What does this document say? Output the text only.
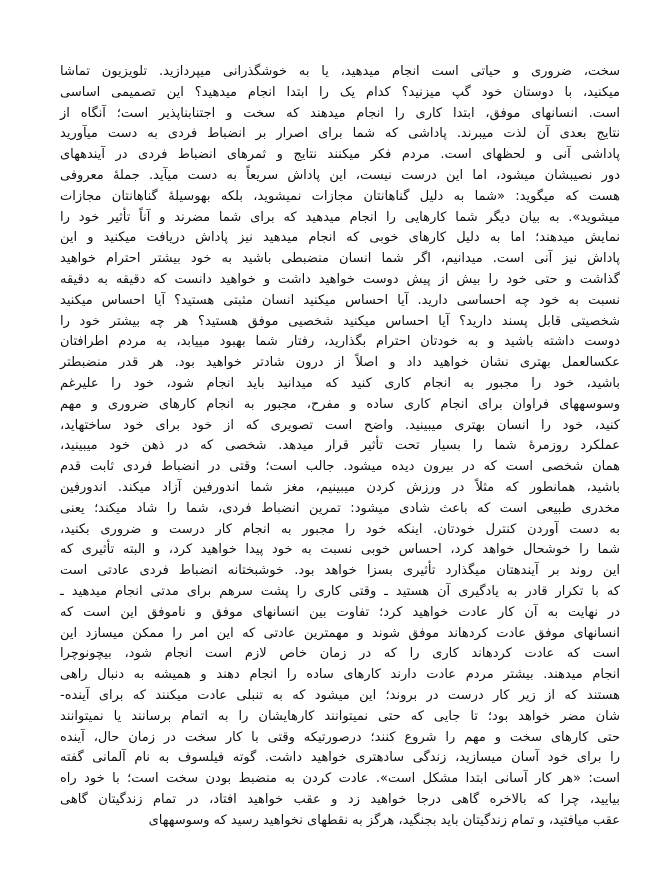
سخت، ضروری و حیاتی است انجام میدهید، یا به خوشگذرانی میپردازید. تلویزیون تماشا
میکنید، با دوستان خود گپ میزنید؟ کدام یک را ابتدا انجام میدهید؟ این تصمیمی اساسی
است. انسانهای موفق، ابتدا کاری را انجام میدهند که سخت و اجتنابناپذیر است؛ آنگاه از
نتایج بعدی آن لذت میبرند. پاداشی که شما برای اصرار بر انضباط فردی به دست میآورید
پاداشی آنی و لحظهای است. مردم فکر میکنند نتایج و ثمرهای انضباط فردی در آیندههای
دور نصیبشان میشود، اما این درست نیست، این پاداش سریعاً به دست میآید. جملهٔ معروفی
هست که میگوید: «شما به دلیل گناهانتان مجازات نمیشوید، بلکه بهوسیلهٔ گناهانتان مجازات
میشوید». به بیان دیگر شما کارهایی را انجام میدهید که برای شما مضرند و آناً تأثیر خود را
نمایش میدهند؛ اما به دلیل کارهای خوبی که انجام میدهید نیز پاداش دریافت میکنید و این
پاداش نیز آنی است. میدانیم، اگر شما انسان منضبطی باشید به خود بیشتر احترام خواهید
گذاشت و حتی خود را بیش از پیش دوست خواهید داشت و خواهید دانست که دقیقه به دقیقه
نسبت به خود چه احساسی دارید. آیا احساس میکنید انسان مثبتی هستید؟ آیا احساس میکنید
شخصیتی قابل پسند دارید؟ آیا احساس میکنید شخصیی موفق هستید؟ هر چه بیشتر خود را
دوست داشته باشید و به خودتان احترام بگذارید، رفتار شما بهبود مییابد، به مردم اطرافتان
عکسالعمل بهتری نشان خواهید داد و اصلاً از درون شادتر خواهید بود. هر قدر منضبطتر
باشید، خود را مجبور به انجام کاری کنید که میدانید باید انجام شود، خود را علیرغم
وسوسههای فراوان برای انجام کاری ساده و مفرح، مجبور به انجام کارهای ضروری و مهم
کنید، خود را انسان بهتری میبینید. واضح است تصویری که از خود برای خود ساختهاید،
عملکرد روزمرهٔ شما را بسیار تحت تأثیر قرار میدهد. شخصی که در ذهن خود میبینید،
همان شخصی است که در بیرون دیده میشود. جالب است؛ وقتی در انضباط فردی ثابت قدم
باشید، همانطور که مثلاً در ورزش کردن میبینیم، مغز شما اندورفین آزاد میکند. اندورفین
مخدری طبیعی است که باعث شادی میشود: تمرین انضباط فردی، شما را شاد میکند؛ یعنی
به دست آوردن کنترل خودتان. اینکه خود را مجبور به انجام کار درست و ضروری بکنید،
شما را خوشحال خواهد کرد، احساس خوبی نسبت به خود پیدا خواهید کرد، و البته تأثیری که
این روند بر آیندهتان میگذارد تأثیری بسزا خواهد بود. خوشبختانه انضباط فردی عادتی است
که با تکرار قادر به یادگیری آن هستید ـ وقتی کاری را پشت سرهم برای مدتی انجام میدهید ـ
در نهایت به آن کار عادت خواهید کرد؛ تفاوت بین انسانهای موفق و ناموفق این است که
انسانهای موفق عادت کردهاند موفق شوند و مهمترین عادتی که این امر را ممکن میسازد این
است که عادت کردهاند کاری را که در زمان خاص لازم است انجام شود، بیچونوچرا
انجام میدهند. بیشتر مردم عادت دارند کارهای ساده را انجام دهند و همیشه به دنبال راهی
هستند که از زیر کار درست در بروند؛ این میشود که به تنبلی عادت میکنند که برای آینده-
شان مضر خواهد بود؛ تا جایی که حتی نمیتوانند کارهایشان را به اتمام برسانند یا نمیتوانند
حتی کارهای سخت و مهم را شروع کنند؛ درصورتیکه وقتی با کار سخت در زمان حال، آینده
را برای خود آسان میسازید، زندگی سادهتری خواهید داشت. گوته فیلسوف به نام آلمانی گفته
است: «هر کار آسانی ابتدا مشکل است». عادت کردن به منضبط بودن سخت است؛ با خود راه
بیایید، چرا که بالاخره گاهی درجا خواهید زد و عقب خواهید افتاد، در تمام زندگیتان گاهی
عقب میافتید، و تمام زندگیتان باید بجنگید، هرگز به نقطهای نخواهید رسید که وسوسههای
